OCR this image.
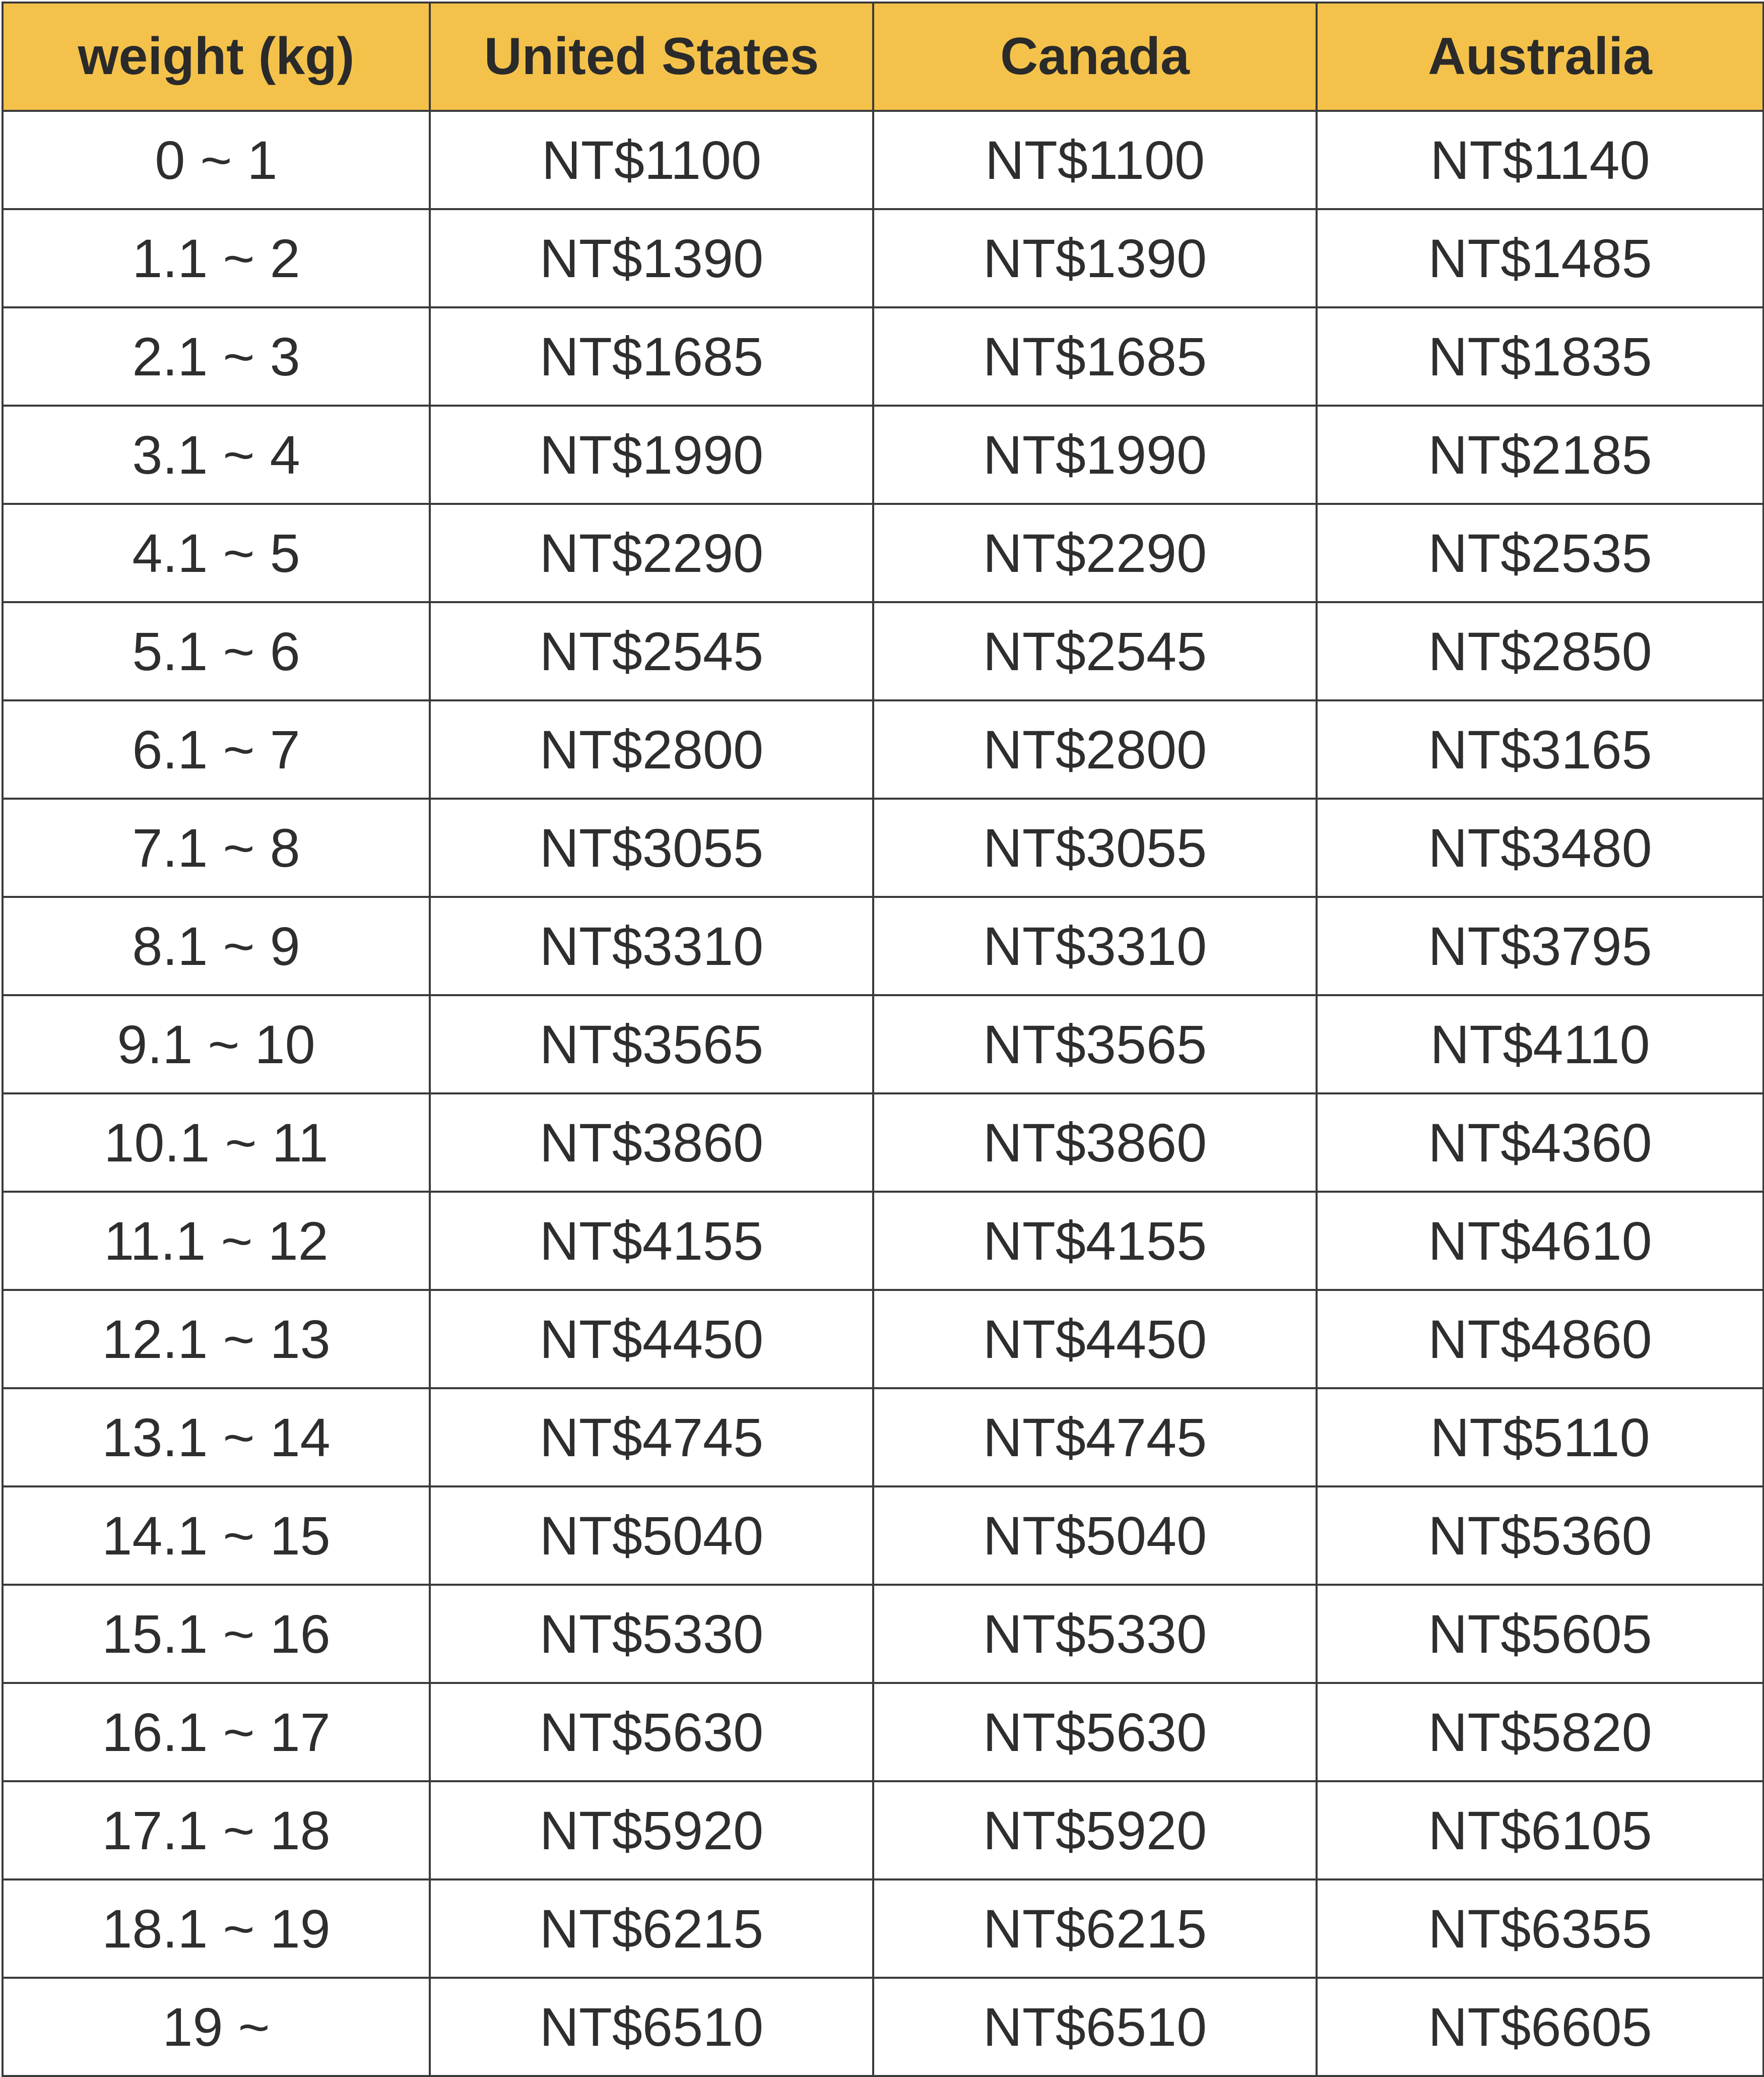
weight (kg)	United States	Canada	Australia
0 ~ 1	NT$1100	NT$1100	NT$1140
1.1 ~ 2	NT$1390	NT$1390	NT$1485
2.1 ~ 3	NT$1685	NT$1685	NT$1835
3.1 ~ 4	NT$1990	NT$1990	NT$2185
4.1 ~ 5	NT$2290	NT$2290	NT$2535
5.1 ~ 6	NT$2545	NT$2545	NT$2850
6.1 ~ 7	NT$2800	NT$2800	NT$3165
7.1 ~ 8	NT$3055	NT$3055	NT$3480
8.1 ~ 9	NT$3310	NT$3310	NT$3795
9.1 ~ 10	NT$3565	NT$3565	NT$4110
10.1 ~ 11	NT$3860	NT$3860	NT$4360
11.1 ~ 12	NT$4155	NT$4155	NT$4610
12.1 ~ 13	NT$4450	NT$4450	NT$4860
13.1 ~ 14	NT$4745	NT$4745	NT$5110
14.1 ~ 15	NT$5040	NT$5040	NT$5360
15.1 ~ 16	NT$5330	NT$5330	NT$5605
16.1 ~ 17	NT$5630	NT$5630	NT$5820
17.1 ~ 18	NT$5920	NT$5920	NT$6105
18.1 ~ 19	NT$6215	NT$6215	NT$6355
19 ~	NT$6510	NT$6510	NT$6605
